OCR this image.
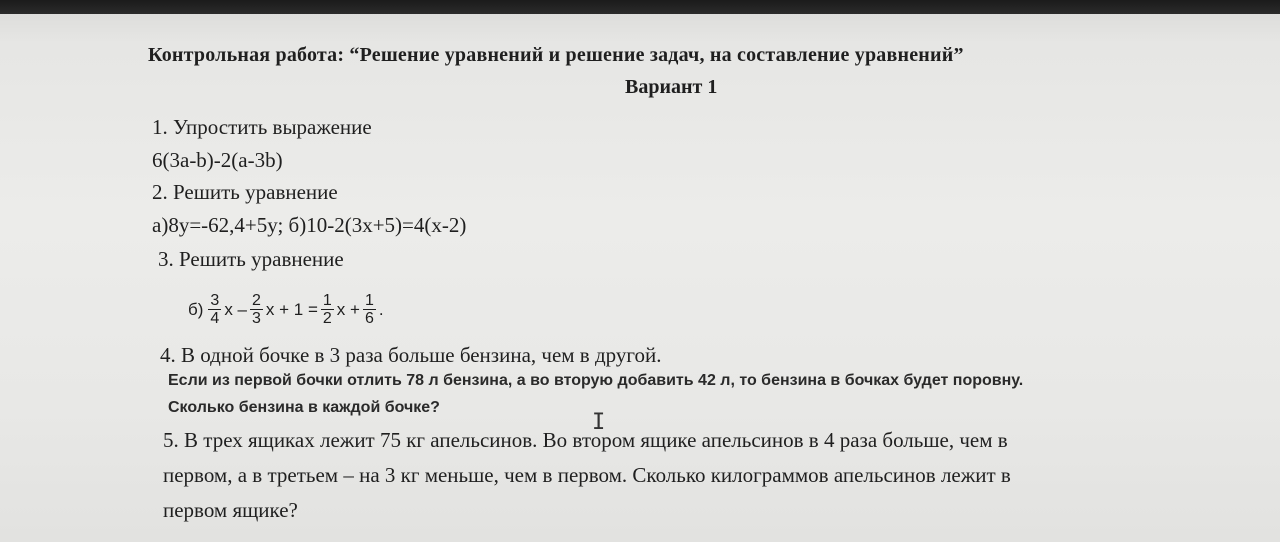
Контрольная работа: “Решение уравнений и решение задач, на составление уравнений”
Вариант 1
1. Упростить выражение
6(3a-b)-2(a-3b)
2. Решить уравнение
а)8у=-62,4+5у; б)10-2(3х+5)=4(х-2)
3. Решить уравнение
$б) \frac{3}{4}$ x – $\frac{2}{3}$ $x + 1 = \frac{1}{2}$ $x + \frac{1}{6}$ .
4. В одной бочке в 3 раза больше бензина, чем в другой.
Если из первой бочки отлить 78 л бензина, а во вторую добавить 42 л, то бензина в бочках будет поровну.
Сколько бензина в каждой бочке?
5. В трех ящиках лежит 75 кг апельсинов. Во втором ящике апельсинов в 4 раза больше, чем в
первом, а в третьем – на 3 кг меньше, чем в первом. Сколько килограммов апельсинов лежит в
первом ящике?
I
